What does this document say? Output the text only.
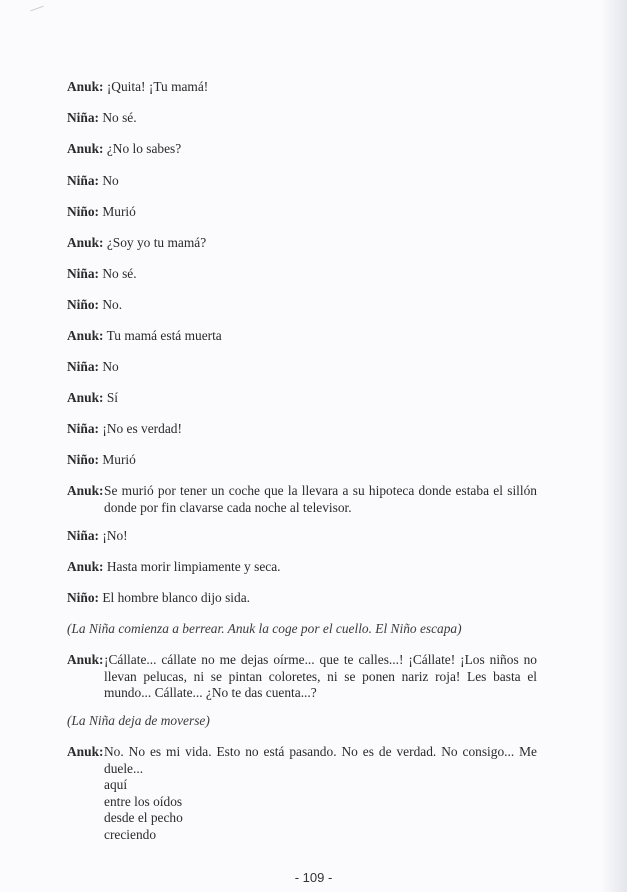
Anuk: ¡Quita! ¡Tu mamá!
Niña: No sé.
Anuk: ¿No lo sabes?
Niña: No
Niño: Murió
Anuk: ¿Soy yo tu mamá?
Niña: No sé.
Niño: No.
Anuk: Tu mamá está muerta
Niña: No
Anuk: Sí
Niña: ¡No es verdad!
Niño: Murió
Anuk: Se murió por tener un coche que la llevara a su hipoteca donde estaba el sillón donde por fin clavarse cada noche al televisor.
Niña: ¡No!
Anuk: Hasta morir limpiamente y seca.
Niño: El hombre blanco dijo sida.
(La Niña comienza a berrear. Anuk la coge por el cuello. El Niño escapa)
Anuk: ¡Cállate... cállate no me dejas oírme... que te calles...! ¡Cállate! ¡Los niños no llevan pelucas, ni se pintan coloretes, ni se ponen nariz roja! Les basta el mundo... Cállate... ¿No te das cuenta...?
(La Niña deja de moverse)
Anuk: No. No es mi vida. Esto no está pasando. No es de verdad. No consigo... Me duele...
aquí
entre los oídos
desde el pecho
creciendo
- 109 -
